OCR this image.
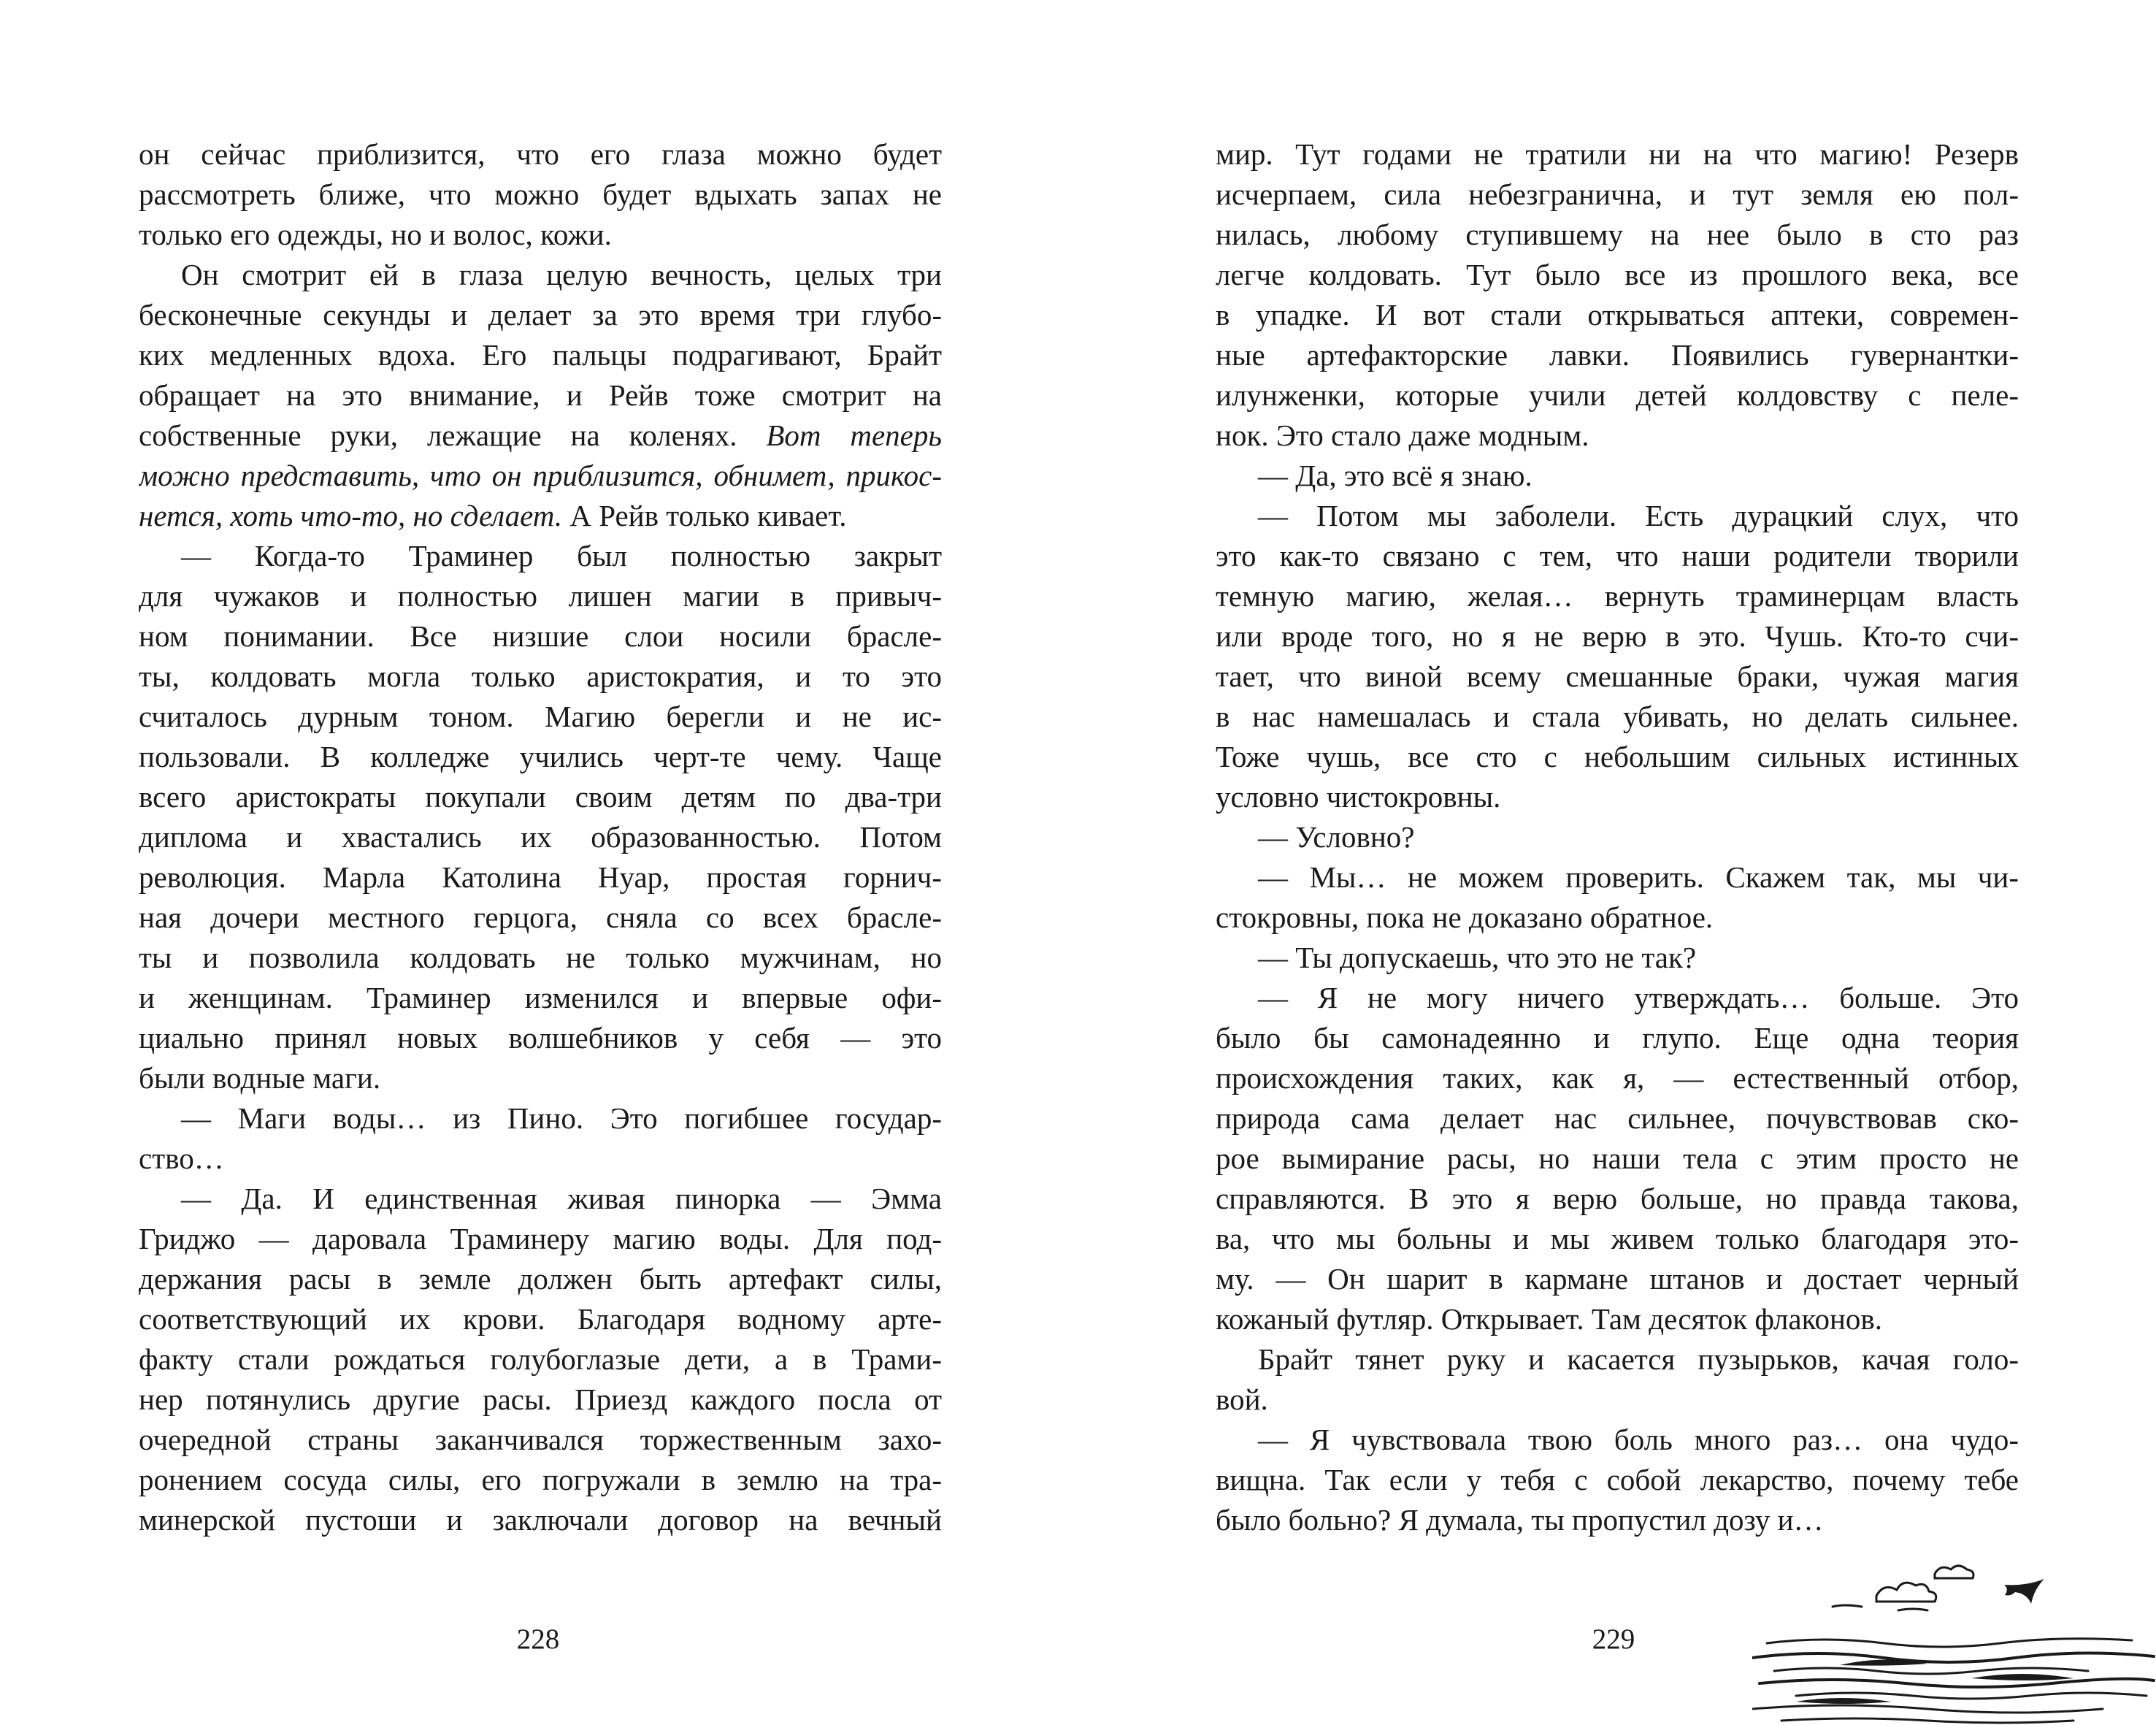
он сейчас приблизится, что его глаза можно будет
рассмотреть ближе, что можно будет вдыхать запах не
только его одежды, но и волос, кожи.
Он смотрит ей в глаза целую вечность, целых три
бесконечные секунды и делает за это время три глубо-
ких медленных вдоха. Его пальцы подрагивают, Брайт
обращает на это внимание, и Рейв тоже смотрит на
собственные руки, лежащие на коленях. Вот теперь
можно представить, что он приблизится, обнимет, прикос-
нется, хоть что-то, но сделает. А Рейв только кивает.
— Когда-то Траминер был полностью закрыт
для чужаков и полностью лишен магии в привыч-
ном понимании. Все низшие слои носили брасле-
ты, колдовать могла только аристократия, и то это
считалось дурным тоном. Магию берегли и не ис-
пользовали. В колледже учились черт-те чему. Чаще
всего аристократы покупали своим детям по два-три
диплома и хвастались их образованностью. Потом
революция. Марла Католина Нуар, простая горнич-
ная дочери местного герцога, сняла со всех брасле-
ты и позволила колдовать не только мужчинам, но
и женщинам. Траминер изменился и впервые офи-
циально принял новых волшебников у себя — это
были водные маги.
— Маги воды… из Пино. Это погибшее государ-
ство…
— Да. И единственная живая пинорка — Эмма
Гриджо — даровала Траминеру магию воды. Для под-
держания расы в земле должен быть артефакт силы,
соответствующий их крови. Благодаря водному арте-
факту стали рождаться голубоглазые дети, а в Трами-
нер потянулись другие расы. Приезд каждого посла от
очередной страны заканчивался торжественным захо-
ронением сосуда силы, его погружали в землю на тра-
минерской пустоши и заключали договор на вечный
228
мир. Тут годами не тратили ни на что магию! Резерв
исчерпаем, сила небезгранична, и тут земля ею пол-
нилась, любому ступившему на нее было в сто раз
легче колдовать. Тут было все из прошлого века, все
в упадке. И вот стали открываться аптеки, современ-
ные артефакторские лавки. Появились гувернантки-
илунженки, которые учили детей колдовству с пеле-
нок. Это стало даже модным.
— Да, это всё я знаю.
— Потом мы заболели. Есть дурацкий слух, что
это как-то связано с тем, что наши родители творили
темную магию, желая… вернуть траминерцам власть
или вроде того, но я не верю в это. Чушь. Кто-то счи-
тает, что виной всему смешанные браки, чужая магия
в нас намешалась и стала убивать, но делать сильнее.
Тоже чушь, все сто с небольшим сильных истинных
условно чистокровны.
— Условно?
— Мы… не можем проверить. Скажем так, мы чи-
стокровны, пока не доказано обратное.
— Ты допускаешь, что это не так?
— Я не могу ничего утверждать… больше. Это
было бы самонадеянно и глупо. Еще одна теория
происхождения таких, как я, — естественный отбор,
природа сама делает нас сильнее, почувствовав ско-
рое вымирание расы, но наши тела с этим просто не
справляются. В это я верю больше, но правда такова,
ва, что мы больны и мы живем только благодаря это-
му. — Он шарит в кармане штанов и достает черный
кожаный футляр. Открывает. Там десяток флаконов.
Брайт тянет руку и касается пузырьков, качая голо-
вой.
— Я чувствовала твою боль много раз… она чудо-
вищна. Так если у тебя с собой лекарство, почему тебе
было больно? Я думала, ты пропустил дозу и…
229
